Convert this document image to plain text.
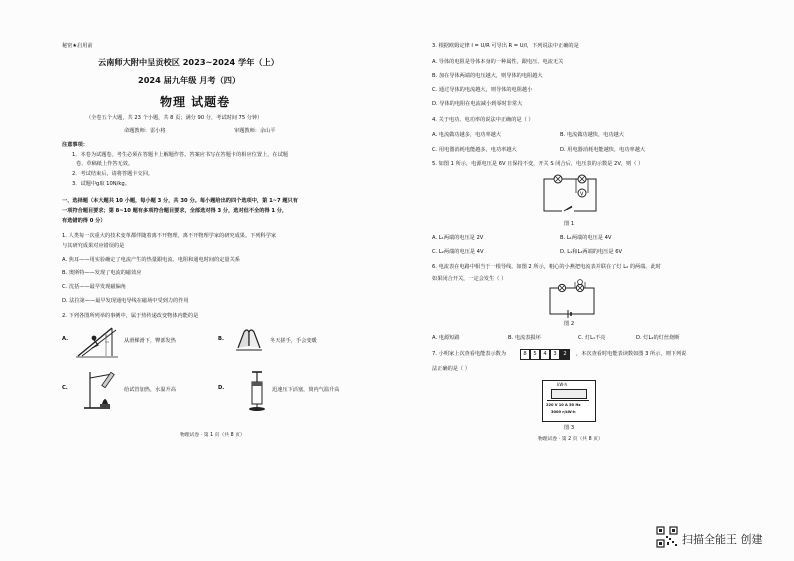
秘密★启用前
云南师大附中呈贡校区 2023~2024 学年（上）
2024 届九年级 月考（四）
物理 试题卷
（全卷五个大题，共 23 个小题，共 8 页；满分 90 分，考试时间 75 分钟）
命题教师：雷小将	审题教师：余山平
注意事项：
1．本卷为试题卷。考生必须在答题卡上解题作答。答案应书写在答题卡的相应位置上，在试题
卷、草稿纸上作答无效。
2．考试结束后，请将答题卡交回。
3．试题中g取 10N/kg。
一、选择题（本大题共 10 小题，每小题 3 分，共 30 分。每小题给出的四个选项中，第 1~7 题只有
一项符合题目要求；第 8~10 题有多项符合题目要求，全部选对得 3 分，选对但不全的得 1 分，
有选错的得 0 分）
1. 人类每一次重大的技术变革都伴随着离不开物理，离不开物理学家的研究成果。下列科学家
与其研究成果对应错误的是
A. 焦耳——用实验确定了电流产生的热量跟电流、电阻和通电时间的定量关系
B. 奥斯特——发现了电流的磁效应
C. 沈括——最早发现磁偏角
D. 法拉第——最早发现通电导线在磁场中受到力的作用
2. 下列各图所列举的事例中，属于热传递改变物体内能的是
A.	从滑梯滑下，臀部发热	B.	冬天搓手，手会变暖
C.	给试管加热，水温升高	D.	迅速压下活塞，筒内气温升高
物理试卷 · 第 1 页（共 8 页）
3. 根据欧姆定律 I = U/R 可导出 R = U/I，下列说法中正确的是
A. 导体的电阻是导体本身的一种属性，跟电压、电流无关
B. 加在导体两端的电压越大，则导体的电阻越大
C. 通过导体的电流越大，则导体的电阻越小
D. 导体的电阻在电流减小到零时非常大
4. 关于电功、电功率的说法中正确的是（ ）
A. 电流做功越多，电功率越大	B. 电流做功越快，电功越大
C. 用电器消耗电能越多，电功率越大	D. 用电器消耗电能越快，电功率越大
5. 如图 1 所示，电源电压是 6V 且保持不变，开关 S 闭合后，电压表的示数是 2V，则（ ）
V
图 1
A. L₁两端的电压是 2V	B. L₁两端的电压是 4V
C. L₂两端的电压是 4V	D. L₁和L₂两端的电压是 6V
6. 电流表在电路中相当于一根导线。如图 2 所示，粗心的小燕把电流表并联在了灯 L₂ 的两端。此时
如果闭合开关，一定会发生（ ）
图 2
A. 电源短路	B. 电流表损坏	C. 灯L₁不亮	D. 灯L₂的灯丝烧断
7. 小明家上次查看电能表示数为	8	5	4	3	2	，本次查看时电能表读数如图 3 所示，则下列说
法正确的是（ ）
kW·h
220 V 10 A 50 Hz
3000 r/kW·h
图 3
物理试卷 · 第 2 页（共 8 页）
扫描全能王 创建
